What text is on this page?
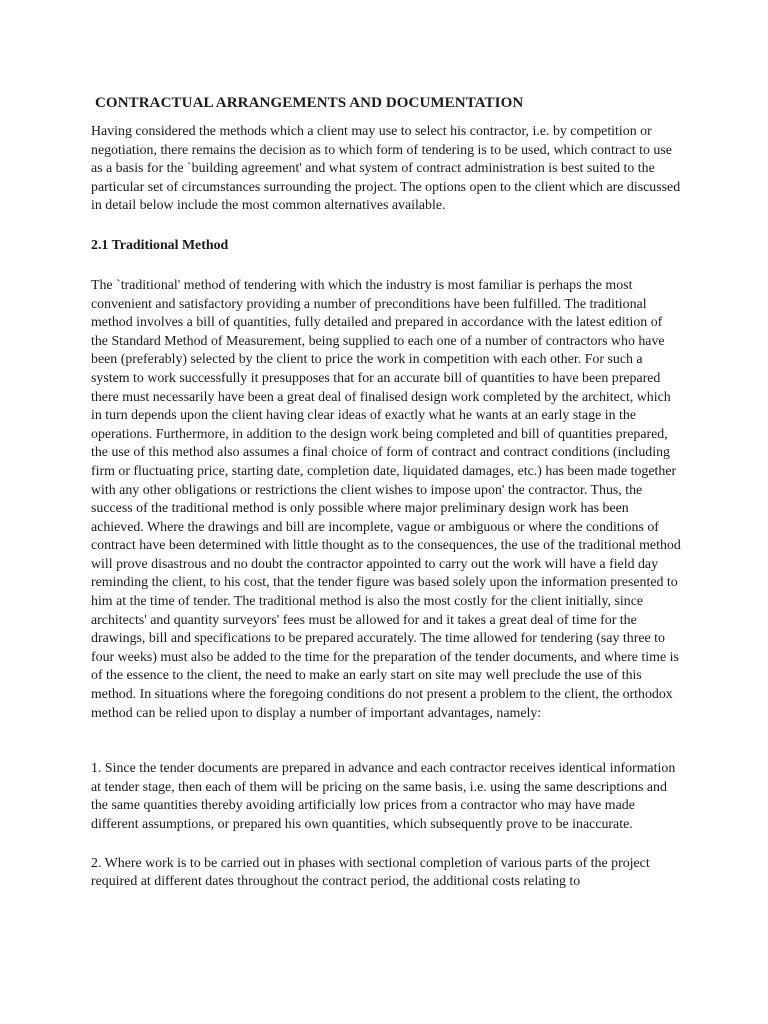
CONTRACTUAL ARRANGEMENTS AND DOCUMENTATION

Having considered the methods which a client may use to select his contractor, i.e. by competition or negotiation, there remains the decision as to which form of tendering is to be used, which contract to use as a basis for the `building agreement' and what system of contract administration is best suited to the particular set of circumstances surrounding the project. The options open to the client which are discussed in detail below include the most common alternatives available.

2.1 Traditional Method

The `traditional' method of tendering with which the industry is most familiar is perhaps the most convenient and satisfactory providing a number of preconditions have been fulfilled. The traditional method involves a bill of quantities, fully detailed and prepared in accordance with the latest edition of the Standard Method of Measurement, being supplied to each one of a number of contractors who have been (preferably) selected by the client to price the work in competition with each other. For such a system to work successfully it presupposes that for an accurate bill of quantities to have been prepared there must necessarily have been a great deal of finalised design work completed by the architect, which in turn depends upon the client having clear ideas of exactly what he wants at an early stage in the operations. Furthermore, in addition to the design work being completed and bill of quantities prepared, the use of this method also assumes a final choice of form of contract and contract conditions (including firm or fluctuating price, starting date, completion date, liquidated damages, etc.) has been made together with any other obligations or restrictions the client wishes to impose upon' the contractor. Thus, the success of the traditional method is only possible where major preliminary design work has been achieved. Where the drawings and bill are incomplete, vague or ambiguous or where the conditions of contract have been determined with little thought as to the consequences, the use of the traditional method will prove disastrous and no doubt the contractor appointed to carry out the work will have a field day reminding the client, to his cost, that the tender figure was based solely upon the information presented to him at the time of tender. The traditional method is also the most costly for the client initially, since architects' and quantity surveyors' fees must be allowed for and it takes a great deal of time for the drawings, bill and specifications to be prepared accurately. The time allowed for tendering (say three to four weeks) must also be added to the time for the preparation of the tender documents, and where time is of the essence to the client, the need to make an early start on site may well preclude the use of this method. In situations where the foregoing conditions do not present a problem to the client, the orthodox method can be relied upon to display a number of important advantages, namely:

1. Since the tender documents are prepared in advance and each contractor receives identical information at tender stage, then each of them will be pricing on the same basis, i.e. using the same descriptions and the same quantities thereby avoiding artificially low prices from a contractor who may have made different assumptions, or prepared his own quantities, which subsequently prove to be inaccurate.

2. Where work is to be carried out in phases with sectional completion of various parts of the project required at different dates throughout the contract period, the additional costs relating to
